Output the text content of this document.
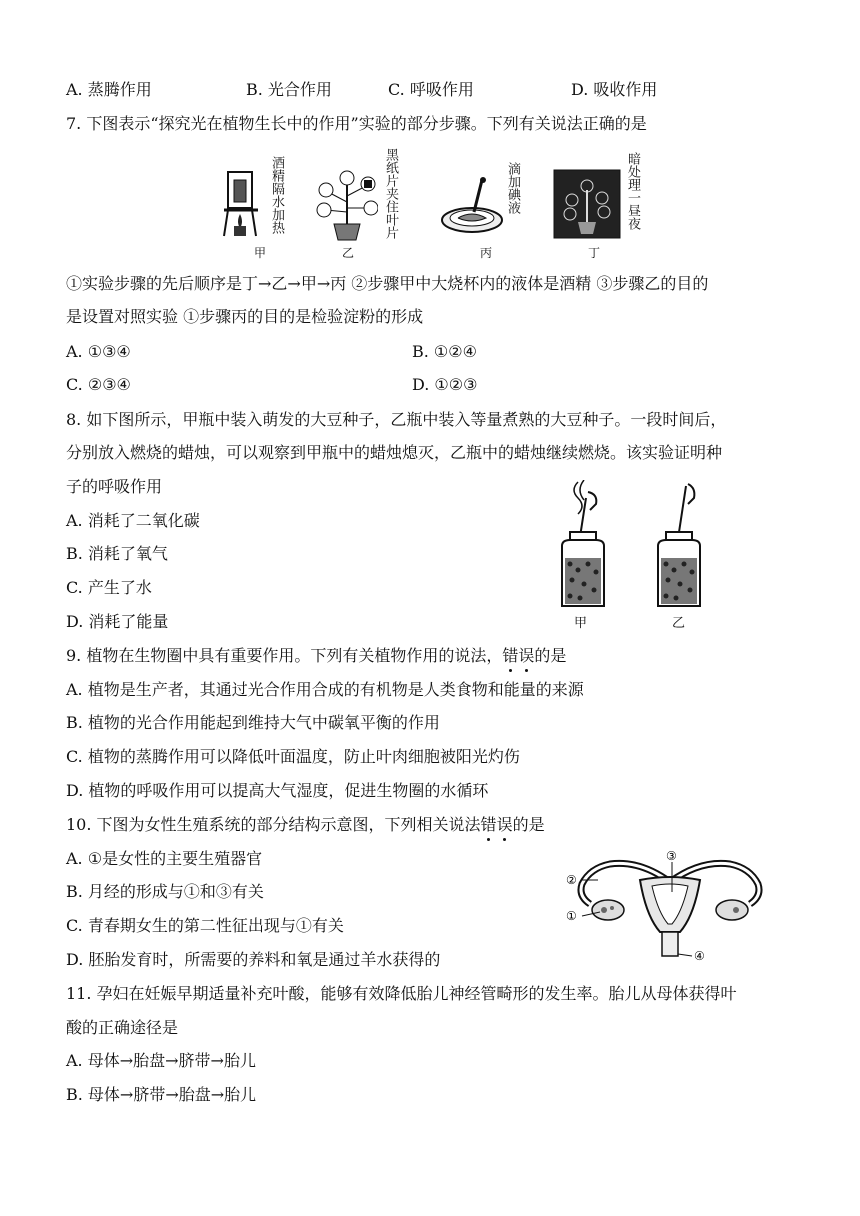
A. 蒸腾作用	B. 光合作用	C. 呼吸作用	D. 吸收作用
7. 下图表示“探究光在植物生长中的作用”实验的部分步骤。下列有关说法正确的是
酒精隔水加热
甲
黑纸片夹住叶片
乙
滴加碘液
丙
暗处理一昼夜
丁
①实验步骤的先后顺序是丁→乙→甲→丙 ②步骤甲中大烧杯内的液体是酒精 ③步骤乙的目的
是设置对照实验 ①步骤丙的目的是检验淀粉的形成
A. ①③④	B. ①②④
C. ②③④	D. ①②③
8. 如下图所示，甲瓶中装入萌发的大豆种子，乙瓶中装入等量煮熟的大豆种子。一段时间后，
分别放入燃烧的蜡烛，可以观察到甲瓶中的蜡烛熄灭，乙瓶中的蜡烛继续燃烧。该实验证明种
子的呼吸作用
A. 消耗了二氧化碳
B. 消耗了氧气
C. 产生了水
D. 消耗了能量	甲	乙
9. 植物在生物圈中具有重要作用。下列有关植物作用的说法，错误的是
A. 植物是生产者，其通过光合作用合成的有机物是人类食物和能量的来源
B. 植物的光合作用能起到维持大气中碳氧平衡的作用
C. 植物的蒸腾作用可以降低叶面温度，防止叶肉细胞被阳光灼伤
D. 植物的呼吸作用可以提高大气湿度，促进生物圈的水循环
10. 下图为女性生殖系统的部分结构示意图，下列相关说法错误的是
A. ①是女性的主要生殖器官
B. 月经的形成与①和③有关
C. 青春期女生的第二性征出现与①有关
D. 胚胎发育时，所需要的养料和氧是通过羊水获得的
③
②
①
④
11. 孕妇在妊娠早期适量补充叶酸，能够有效降低胎儿神经管畸形的发生率。胎儿从母体获得叶
酸的正确途径是
A. 母体→胎盘→脐带→胎儿
B. 母体→脐带→胎盘→胎儿
